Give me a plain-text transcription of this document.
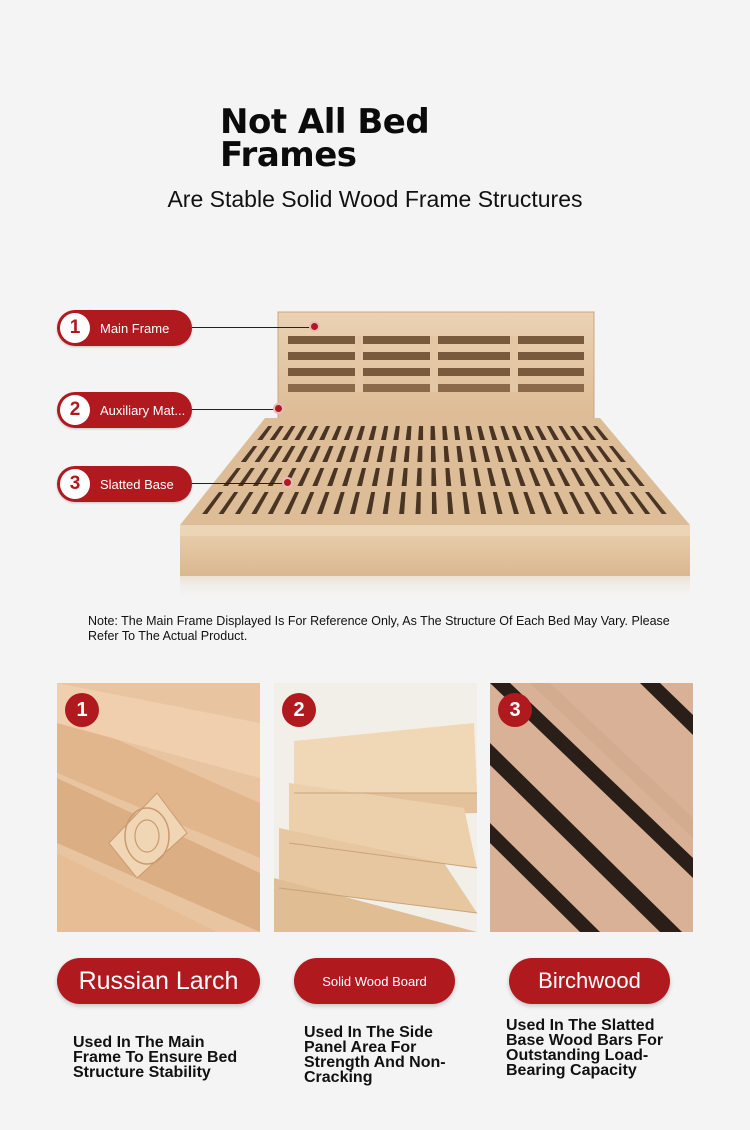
Not All Bed Frames
Are Stable Solid Wood Frame Structures
1	Main Frame
2	Auxiliary Mat...
3	Slatted Base
Note: The Main Frame Displayed Is For Reference Only, As The Structure Of Each Bed May Vary. Please Refer To The Actual Product.
1	2	3
Russian Larch	Solid Wood Board	Birchwood
Used In The Main Frame To Ensure Bed Structure Stability
Used In The Side Panel Area For Strength And Non-Cracking
Used In The Slatted Base Wood Bars For Outstanding Load-Bearing Capacity
